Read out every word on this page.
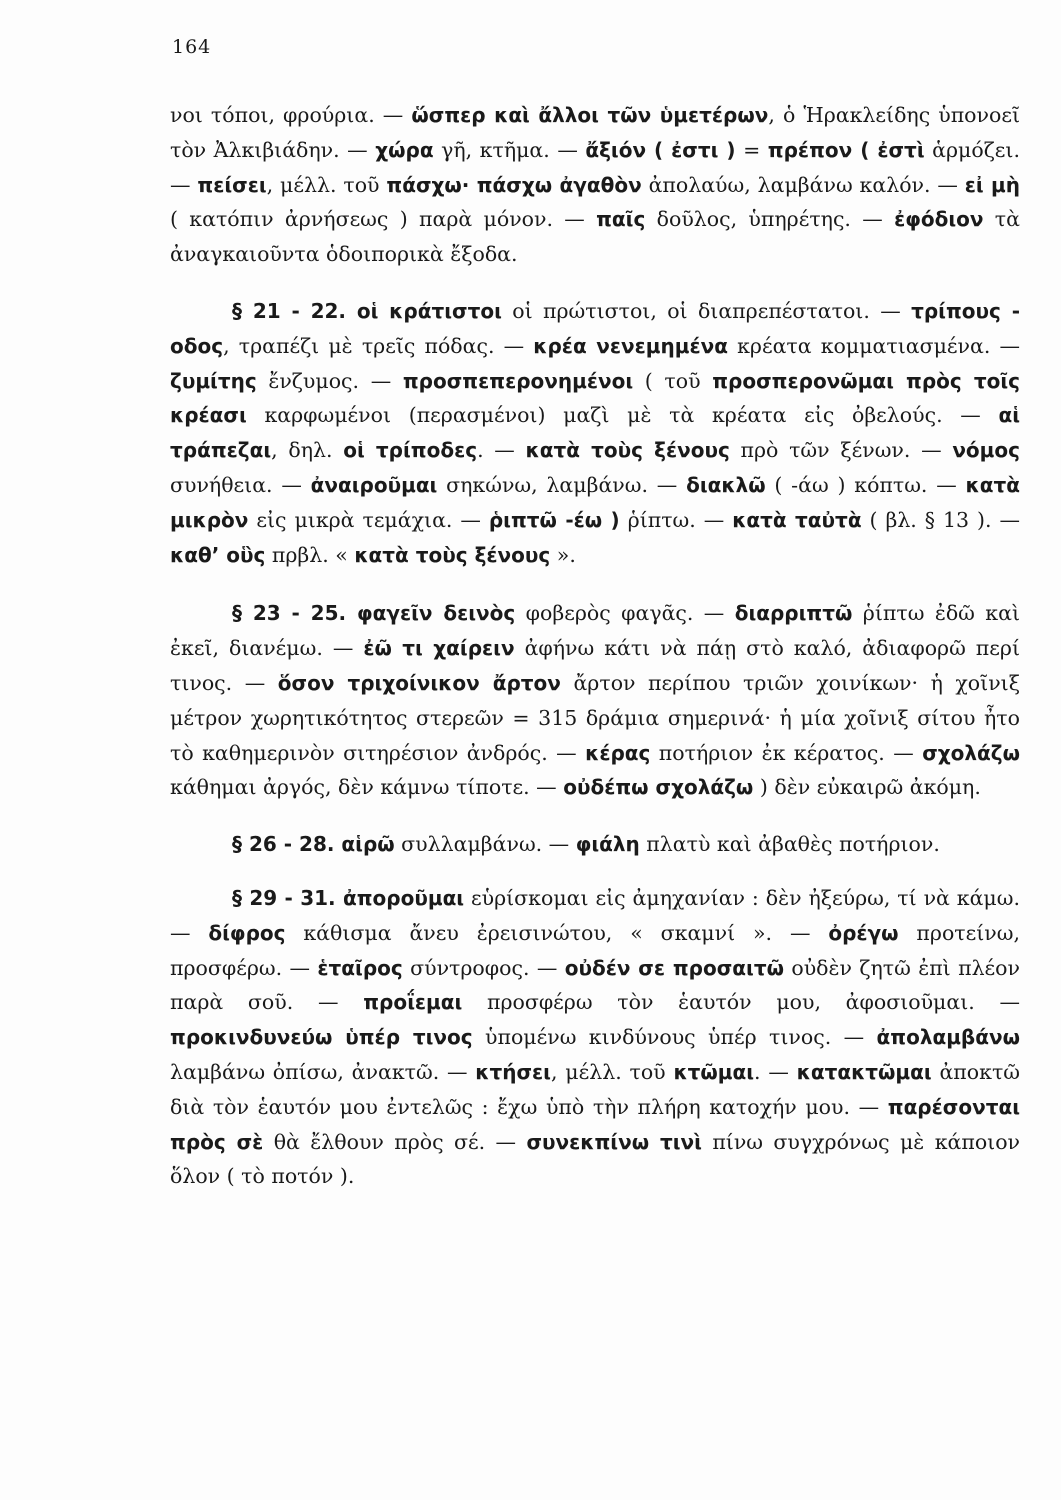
164

νοι τόποι, φρούρια. — ὥσπερ καὶ ἄλλοι τῶν ὑμετέρων, ὁ Ἡρακλείδης ὑπονοεῖ τὸν Ἀλκιβιάδην. — χώρα γῆ, κτῆμα. — ἄξιόν ( ἐστι ) = πρέπον ( ἐστὶ ἁρμόζει. — πείσει, μέλλ. τοῦ πάσχω· πάσχω ἀγαθὸν ἀπολαύω, λαμβάνω καλόν. — εἰ μὴ ( κατόπιν ἀρνήσεως ) παρὰ μόνον. — παῖς δοῦλος, ὑπηρέτης. — ἐφόδιον τὰ ἀναγκαιοῦντα ὁδοιπορικὰ ἔξοδα.

§ 21 - 22. οἱ κράτιστοι οἱ πρώτιστοι, οἱ διαπρεπέστατοι. — τρίπους - οδος, τραπέζι μὲ τρεῖς πόδας. — κρέα νενεμημένα κρέατα κομματιασμένα. — ζυμίτης ἔνζυμος. — προσπεπερονημένοι ( τοῦ προσπερονῶμαι πρὸς τοῖς κρέασι καρφωμένοι (περασμένοι) μαζὶ μὲ τὰ κρέατα εἰς ὀβελούς. — αἱ τράπεζαι, δηλ. οἱ τρίποδες. — κατὰ τοὺς ξένους πρὸ τῶν ξένων. — νόμος συνήθεια. — ἀναιροῦμαι σηκώνω, λαμβάνω. — διακλῶ ( -άω ) κόπτω. — κατὰ μικρὸν εἰς μικρὰ τεμάχια. — ῥιπτῶ -έω ) ῥίπτω. — κατὰ ταὐτὰ ( βλ. § 13 ). — καθ’ οὓς πρβλ. « κατὰ τοὺς ξένους ».

§ 23 - 25. φαγεῖν δεινὸς φοβερὸς φαγᾶς. — διαρριπτῶ ῥίπτω ἐδῶ καὶ ἐκεῖ, διανέμω. — ἐῶ τι χαίρειν ἀφήνω κάτι νὰ πάῃ στὸ καλό, ἀδιαφορῶ περί τινος. — ὅσον τριχοίνικον ἄρτον ἄρτον περίπου τριῶν χοινίκων· ἡ χοῖνιξ μέτρον χωρητικότητος στερεῶν = 315 δράμια σημερινά· ἡ μία χοῖνιξ σίτου ἦτο τὸ καθημερινὸν σιτηρέσιον ἀνδρός. — κέρας ποτήριον ἐκ κέρατος. — σχολάζω κάθημαι ἀργός, δὲν κάμνω τίποτε. — οὐδέπω σχολάζω ) δὲν εὐκαιρῶ ἀκόμη.

§ 26 - 28. αἱρῶ συλλαμβάνω. — φιάλη πλατὺ καὶ ἀβαθὲς ποτήριον.

§ 29 - 31. ἀποροῦμαι εὑρίσκομαι εἰς ἀμηχανίαν : δὲν ἠξεύρω, τί νὰ κάμω. — δίφρος κάθισμα ἄνευ ἐρεισινώτου, « σκαμνί ». — ὀρέγω προτείνω, προσφέρω. — ἑταῖρος σύντροφος. — οὐδέν σε προσαιτῶ οὐδὲν ζητῶ ἐπὶ πλέον παρὰ σοῦ. — προΐεμαι προσφέρω τὸν ἑαυτόν μου, ἀφοσιοῦμαι. — προκινδυνεύω ὑπέρ τινος ὑπομένω κινδύνους ὑπέρ τινος. — ἀπολαμβάνω λαμβάνω ὀπίσω, ἀνακτῶ. — κτήσει, μέλλ. τοῦ κτῶμαι. — κατακτῶμαι ἀποκτῶ διὰ τὸν ἑαυτόν μου ἐντελῶς : ἔχω ὑπὸ τὴν πλήρη κατοχήν μου. — παρέσονται πρὸς σὲ θὰ ἔλθουν πρὸς σέ. — συνεκπίνω τινὶ πίνω συγχρόνως μὲ κάποιον ὅλον ( τὸ ποτόν ).
